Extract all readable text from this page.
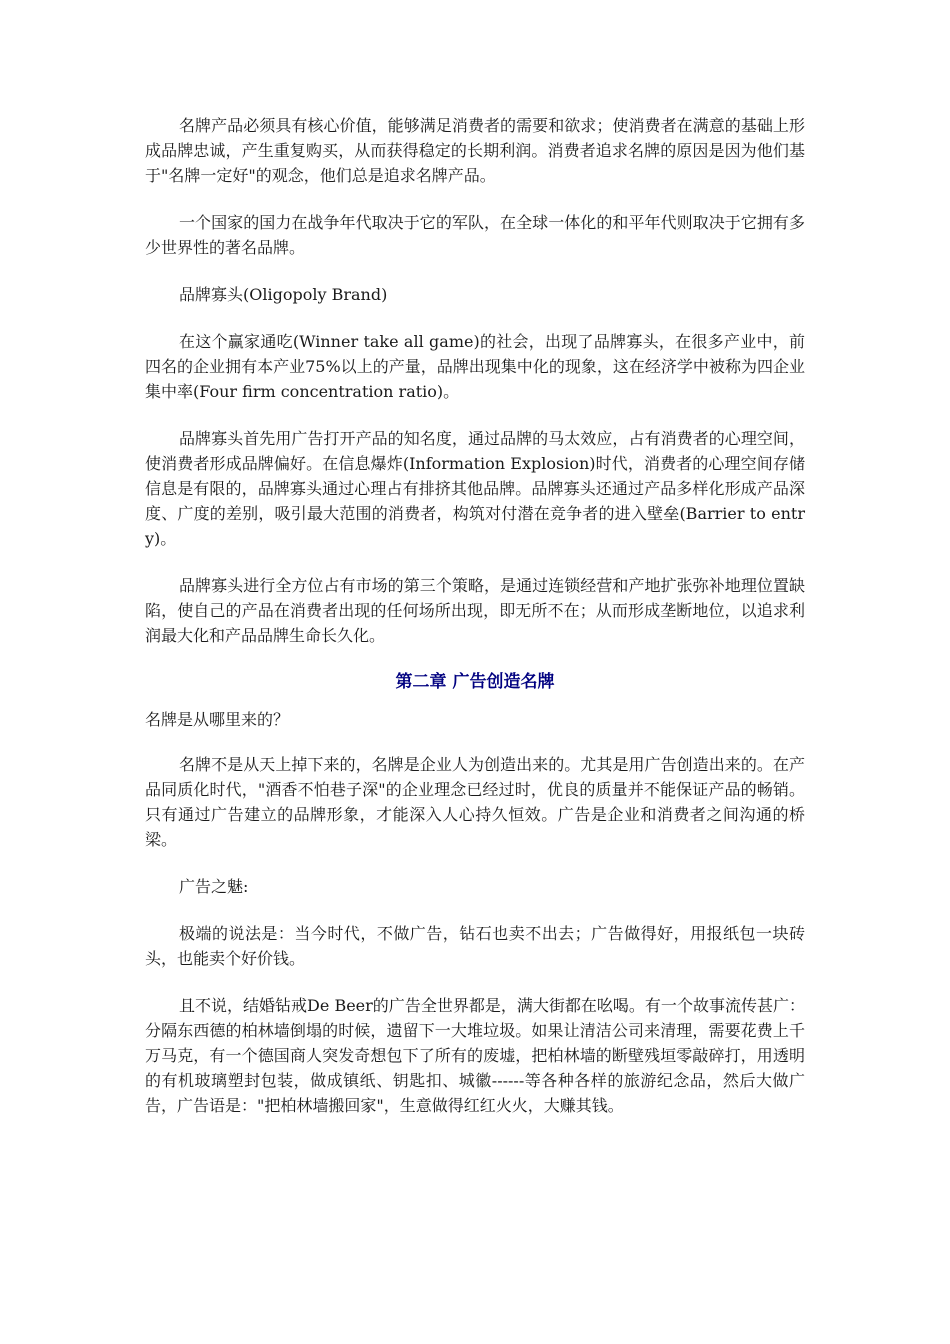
名牌产品必须具有核心价值，能够满足消费者的需要和欲求；使消费者在满意的基础上形成品牌忠诚，产生重复购买，从而获得稳定的长期利润。消费者追求名牌的原因是因为他们基于"名牌一定好"的观念，他们总是追求名牌产品。

一个国家的国力在战争年代取决于它的军队，在全球一体化的和平年代则取决于它拥有多少世界性的著名品牌。

品牌寡头(Oligopoly Brand)

在这个赢家通吃(Winner take all game)的社会，出现了品牌寡头，在很多产业中，前四名的企业拥有本产业75%以上的产量，品牌出现集中化的现象，这在经济学中被称为四企业集中率(Four firm concentration ratio)。

品牌寡头首先用广告打开产品的知名度，通过品牌的马太效应，占有消费者的心理空间，使消费者形成品牌偏好。在信息爆炸(Information Explosion)时代，消费者的心理空间存储信息是有限的，品牌寡头通过心理占有排挤其他品牌。品牌寡头还通过产品多样化形成产品深度、广度的差别，吸引最大范围的消费者，构筑对付潜在竞争者的进入壁垒(Barrier to entry)。

品牌寡头进行全方位占有市场的第三个策略，是通过连锁经营和产地扩张弥补地理位置缺陷，使自己的产品在消费者出现的任何场所出现，即无所不在；从而形成垄断地位，以追求利润最大化和产品品牌生命长久化。

第二章 广告创造名牌

名牌是从哪里来的？

名牌不是从天上掉下来的，名牌是企业人为创造出来的。尤其是用广告创造出来的。在产品同质化时代，"酒香不怕巷子深"的企业理念已经过时，优良的质量并不能保证产品的畅销。只有通过广告建立的品牌形象，才能深入人心持久恒效。广告是企业和消费者之间沟通的桥梁。

广告之魅:

极端的说法是：当今时代，不做广告，钻石也卖不出去；广告做得好，用报纸包一块砖头，也能卖个好价钱。

且不说，结婚钻戒De Beer的广告全世界都是，满大街都在吆喝。有一个故事流传甚广：分隔东西德的柏林墙倒塌的时候，遗留下一大堆垃圾。如果让清洁公司来清理，需要花费上千万马克，有一个德国商人突发奇想包下了所有的废墟，把柏林墙的断壁残垣零敲碎打，用透明的有机玻璃塑封包装，做成镇纸、钥匙扣、城徽------等各种各样的旅游纪念品，然后大做广告，广告语是："把柏林墙搬回家"，生意做得红红火火，大赚其钱。
